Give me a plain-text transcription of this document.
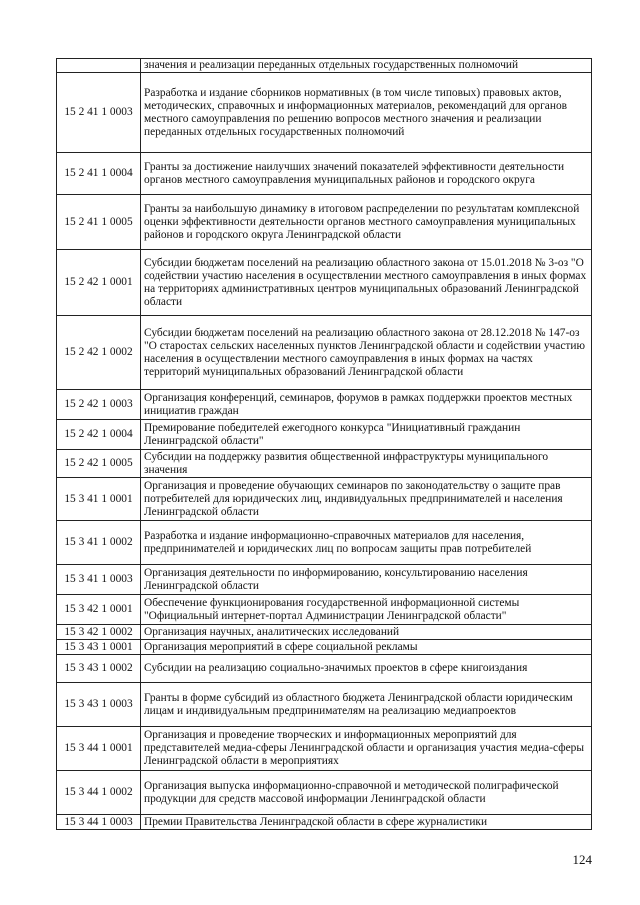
	значения и реализации переданных отдельных государственных полномочий
15 2 41 1 0003	Разработка и издание сборников нормативных (в том числе типовых) правовых актов, методических, справочных и информационных материалов, рекомендаций для органов местного самоуправления по решению вопросов местного значения и реализации переданных отдельных государственных полномочий
15 2 41 1 0004	Гранты за достижение наилучших значений показателей эффективности деятельности органов местного самоуправления муниципальных районов и городского округа
15 2 41 1 0005	Гранты за наибольшую динамику в итоговом распределении по результатам комплексной оценки эффективности деятельности органов местного самоуправления муниципальных районов и городского округа Ленинградской области
15 2 42 1 0001	Субсидии бюджетам поселений на реализацию областного закона от 15.01.2018 № 3-оз "О содействии участию населения в осуществлении местного самоуправления в иных формах на территориях административных центров муниципальных образований Ленинградской области
15 2 42 1 0002	Субсидии бюджетам поселений на реализацию областного закона от 28.12.2018 № 147-оз "О старостах сельских населенных пунктов Ленинградской области и содействии участию населения в осуществлении местного самоуправления в иных формах на частях территорий муниципальных образований Ленинградской области
15 2 42 1 0003	Организация конференций, семинаров, форумов в рамках поддержки проектов местных инициатив граждан
15 2 42 1 0004	Премирование победителей ежегодного конкурса "Инициативный гражданин Ленинградской области"
15 2 42 1 0005	Субсидии на поддержку развития общественной инфраструктуры муниципального значения
15 3 41 1 0001	Организация и проведение обучающих семинаров по законодательству о защите прав потребителей для юридических лиц, индивидуальных предпринимателей и населения Ленинградской области
15 3 41 1 0002	Разработка и издание информационно-справочных материалов для населения, предпринимателей и юридических лиц по вопросам защиты прав потребителей
15 3 41 1 0003	Организация деятельности по информированию, консультированию населения Ленинградской области
15 3 42 1 0001	Обеспечение функционирования государственной информационной системы "Официальный интернет-портал Администрации Ленинградской области"
15 3 42 1 0002	Организация научных, аналитических исследований
15 3 43 1 0001	Организация мероприятий в сфере социальной рекламы
15 3 43 1 0002	Субсидии на реализацию социально-значимых проектов в сфере книгоиздания
15 3 43 1 0003	Гранты в форме субсидий из областного бюджета Ленинградской области юридическим лицам и индивидуальным предпринимателям на реализацию медиапроектов
15 3 44 1 0001	Организация и проведение творческих и информационных мероприятий для представителей медиа-сферы Ленинградской области и организация участия медиа-сферы Ленинградской области в мероприятиях
15 3 44 1 0002	Организация выпуска информационно-справочной и методической полиграфической продукции для средств массовой информации Ленинградской области
15 3 44 1 0003	Премии Правительства Ленинградской области в сфере журналистики
124
